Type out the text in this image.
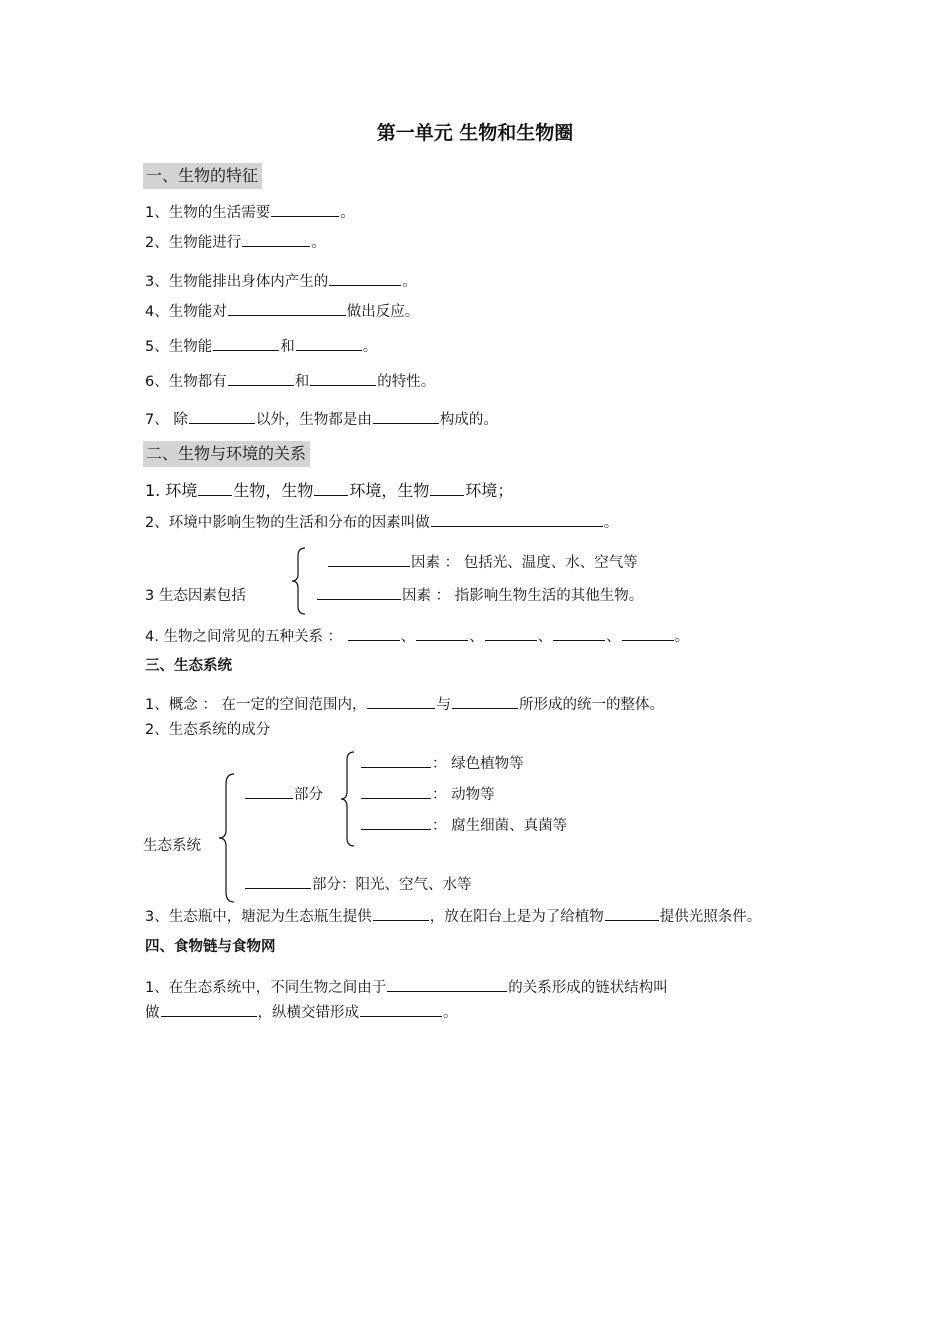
第一单元 生物和生物圈
一、生物的特征
1、生物的生活需要	。
2、生物能进行	。
3、生物能排出身体内产生的	。
4、生物能对	做出反应。
5、生物能	和	。
6、生物都有	和	的特性。
7、 除	以外，生物都是由	构成的。
二、生物与环境的关系
1. 环境 生物，生物 环境，生物 环境；
2、环境中影响生物的生活和分布的因素叫做	。
3 生态因素包括
因素 ： 包括光、温度、水、空气等
因素 ： 指影响生物生活的其他生物。
4. 生物之间常见的五种关系 ：	、	、	、	、	。
三、生态系统
1、概念 ： 在一定的空间范围内，	与	所形成的统一的整体。
2、生态系统的成分
生态系统
部分
： 绿色植物等
： 动物等
： 腐生细菌、真菌等
部分：阳光、空气、水等
3、生态瓶中，塘泥为生态瓶生提供	，放在阳台上是为了给植物	提供光照条件。
四、食物链与食物网
1、在生态系统中，不同生物之间由于	的关系形成的链状结构叫
做	，纵横交错形成	。
